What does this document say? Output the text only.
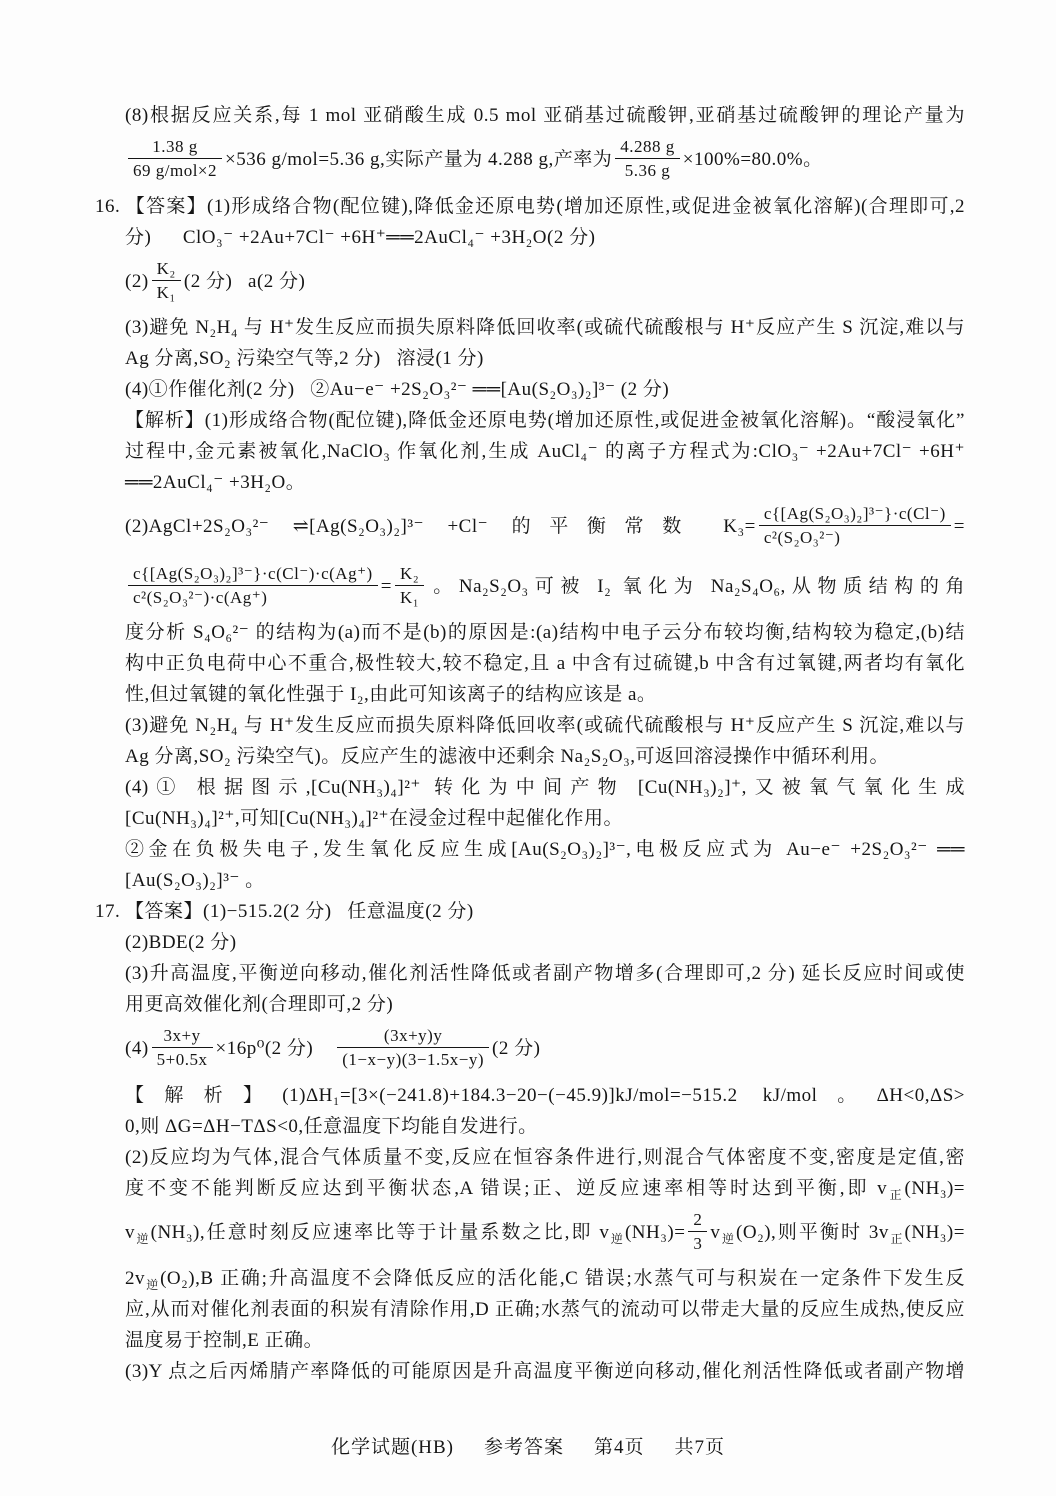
(8)根据反应关系,每 1 mol 亚硝酸生成 0.5 mol 亚硝基过硫酸钾,亚硝基过硫酸钾的理论产量为
$\frac{1.38 g}{\text{69 g/mol×2}} \times 536$ g/mol=5.36 g,实际产量为 4.288 g,产率为 $\frac{4.288 g}{5.36 g} \times 100\%=80.0\%$。
16. 【答案】(1)形成络合物(配位键),降低金还原电势(增加还原性,或促进金被氧化溶解)(合理即可,2
分)      ClO₃⁻ +2Au+7Cl⁻ +6H⁺══2AuCl₄⁻ +3H₂O(2 分)
$(2) \frac{\text{K₂}}{\text{K₁}} (2$ 分)   a(2 分)
(3)避免 N₂H₄ 与 H⁺发生反应而损失原料降低回收率(或硫代硫酸根与 H⁺反应产生 S 沉淀,难以与
Ag 分离,SO₂ 污染空气等,2 分)   溶浸(1 分)
(4)①作催化剂(2 分)   ②Au−e⁻ +2S₂O₃²⁻ ══[Au(S₂O₃)₂]³⁻ (2 分)
【解析】(1)形成络合物(配位键),降低金还原电势(增加还原性,或促进金被氧化溶解)。“酸浸氧化”
过程中,金元素被氧化,NaClO₃ 作氧化剂,生成 AuCl₄⁻ 的离子方程式为:ClO₃⁻ +2Au+7Cl⁻ +6H⁺
══2AuCl₄⁻ +3H₂O。
(2)AgCl+2S₂O₃²⁻ ⇌[Ag(S₂O₃)₂]³⁻ +Cl⁻ 的平衡常数 $K_3= \frac{\text{c\{[Ag(S₂O₃)₂]³⁻\}·c(Cl⁻)}}{\text{c²(S₂O₃²⁻)}}$ =
$\frac{\text{c\{[Ag(S₂O₃)₂]³⁻\}·c(Cl⁻)·c(Ag⁺)}}{\text{c²(S₂O₃²⁻)·c(Ag⁺)}} = \frac{\text{K₂}}{\text{K₁}}$ 。Na₂S₂O₃可被 I₂ 氧化为 Na₂S₄O₆,从物质结构的角
度分析 S₄O₆²⁻ 的结构为(a)而不是(b)的原因是:(a)结构中电子云分布较均衡,结构较为稳定,(b)结
构中正负电荷中心不重合,极性较大,较不稳定,且 a 中含有过硫键,b 中含有过氧键,两者均有氧化
性,但过氧键的氧化性强于 I₂,由此可知该离子的结构应该是 a。
(3)避免 N₂H₄ 与 H⁺发生反应而损失原料降低回收率(或硫代硫酸根与 H⁺反应产生 S 沉淀,难以与
Ag 分离,SO₂ 污染空气)。反应产生的滤液中还剩余 Na₂S₂O₃,可返回溶浸操作中循环利用。
(4)① 根据图示,[Cu(NH₃)₄]²⁺ 转化为中间产物 [Cu(NH₃)₂]⁺,又被氧气氧化生成
[Cu(NH₃)₄]²⁺,可知[Cu(NH₃)₄]²⁺在浸金过程中起催化作用。
②金在负极失电子,发生氧化反应生成[Au(S₂O₃)₂]³⁻,电极反应式为 Au−e⁻ +2S₂O₃²⁻ ══
[Au(S₂O₃)₂]³⁻ 。
17. 【答案】(1)−515.2(2 分)   任意温度(2 分)
(2)BDE(2 分)
(3)升高温度,平衡逆向移动,催化剂活性降低或者副产物增多(合理即可,2 分) 延长反应时间或使
用更高效催化剂(合理即可,2 分)
$(4) \frac{3x+y}{5+0.5x} \times 16p^0(2$ 分) $\frac{(3x+y)y}{(1-x-y)(3-1.5x-y)} (2$ 分)
【解析】(1)ΔH₁=[3×(−241.8)+184.3−20−(−45.9)]kJ/mol=−515.2 kJ/mol。ΔH<0,ΔS>
0,则 ΔG=ΔH−TΔS<0,任意温度下均能自发进行。
(2)反应均为气体,混合气体质量不变,反应在恒容条件进行,则混合气体密度不变,密度是定值,密
度不变不能判断反应达到平衡状态,A 错误;正、逆反应速率相等时达到平衡,即 $v_正(NH_3)=$
$v_逆(NH_3)$,任意时刻反应速率比等于计量系数之比,即 $v_逆(NH_3)= \frac{2}{3} v_逆(O_2)$,则平衡时 $3v_正(NH_3)=$
$2v_逆(O_2),B$ 正确;升高温度不会降低反应的活化能,C 错误;水蒸气可与积炭在一定条件下发生反
应,从而对催化剂表面的积炭有清除作用,D 正确;水蒸气的流动可以带走大量的反应生成热,使反应
温度易于控制,E 正确。
(3)Y 点之后丙烯腈产率降低的可能原因是升高温度平衡逆向移动,催化剂活性降低或者副产物增
化学试题(HB) 参考答案 第4页 共7页
